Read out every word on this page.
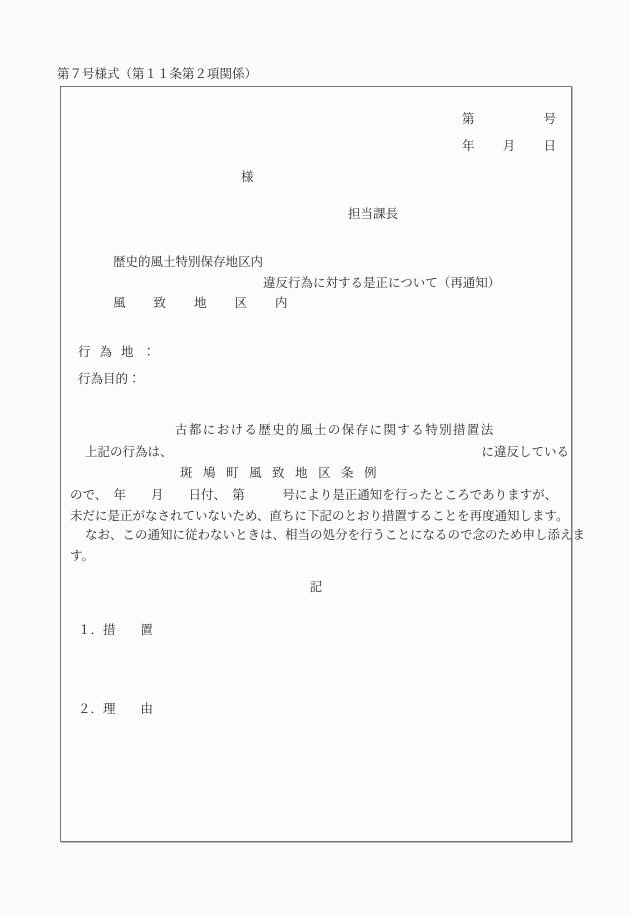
第７号様式（第１１条第２項関係）
第	号
年 月 日
様
担当課長
歴史的風土特別保存地区内
違反行為に対する是正について（再通知）
風致地区内
行為地：
行為目的：
古都における歴史的風土の保存に関する特別措置法
上記の行為は、	に違反している
斑鳩町風致地区条例
ので、　年　　月　　日付、　第　　　号により是正通知を行ったところでありますが、
未だに是正がなされていないため、直ちに下記のとおり措置することを再度通知します。
なお、この通知に従わないときは、相当の処分を行うことになるので念のため申し添えま
す。
記
１．措　　置
２．理　　由
